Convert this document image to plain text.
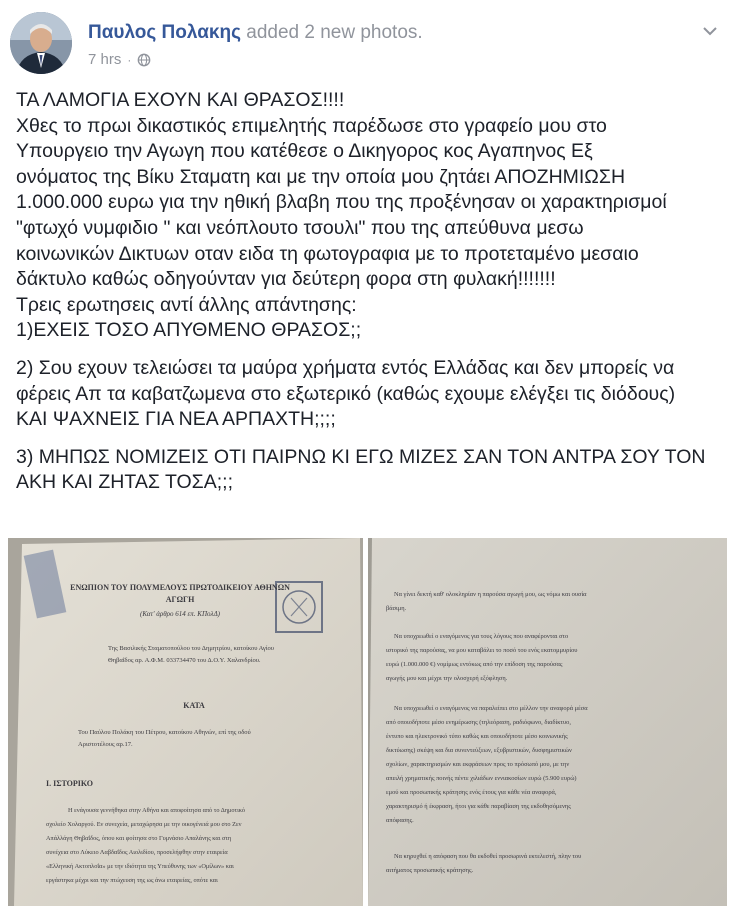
Παυλος Πολακης added 2 new photos.
7 hrs ·

ΤΑ ΛΑΜΟΓΙΑ ΕΧΟΥΝ ΚΑΙ ΘΡΑΣΟΣ!!!!
Χθες το πρωι δικαστικός επιμελητής παρέδωσε στο γραφείο μου στο
Υπουργειο την Αγωγη που κατέθεσε ο Δικηγορος κος Αγαπηνος Εξ
ονόματος της Βίκυ Σταματη και με την οποία μου ζητάει ΑΠΟΖΗΜΙΩΣΗ
1.000.000 ευρω για την ηθική βλαβη που της προξένησαν οι χαρακτηρισμοί
"φτωχό νυμφιδιο " και νεόπλουτο τσουλι" που της απεύθυνα μεσω
κοινωνικών Δικτυων οταν ειδα τη φωτογραφια με το προτεταμένο μεσαιο
δάκτυλο καθώς οδηγούνταν για δεύτερη φορα στη φυλακή!!!!!!!
Τρεις ερωτησεις αντί άλλης απάντησης:
1)ΕΧΕΙΣ ΤΟΣΟ ΑΠΥΘΜΕΝΟ ΘΡΑΣΟΣ;;

2) Σου εχουν τελειώσει τα μαύρα χρήματα εντός Ελλάδας και δεν μπορείς να
φέρεις Απ τα καβατζωμενα στο εξωτερικό (καθώς εχουμε ελέγξει τις διόδους)
ΚΑΙ ΨΑΧΝΕΙΣ ΓΙΑ ΝΕΑ ΑΡΠΑΧΤΗ;;;;

3) ΜΗΠΩΣ ΝΟΜΙΖΕΙΣ ΟΤΙ ΠΑΙΡΝΩ ΚΙ ΕΓΩ ΜΙΖΕΣ ΣΑΝ ΤΟΝ ΑΝΤΡΑ ΣΟΥ ΤΟΝ
ΑΚΗ ΚΑΙ ΖΗΤΑΣ ΤΟΣΑ;;;

ΕΝΩΠΙΟΝ ΤΟΥ ΠΟΛΥΜΕΛΟΥΣ ΠΡΩΤΟΔΙΚΕΙΟΥ ΑΘΗΝΩΝ
ΑΓΩΓΗ
(Κατ' άρθρο 614 επ. ΚΠολΔ)
Της Βασιλικής Σταματοπούλου του Δημητρίου, κατοίκου Αγίου
Θηβαΐδος αρ. Α.Φ.Μ. 033734470 του Δ.Ο.Υ. Χαλανδρίου.
ΚΑΤΑ
Του Παύλου Πολάκη του Πέτρου, κατοίκου Αθηνών, επί της οδού
Αριστοτέλους αρ.17.
Ι. ΙΣΤΟΡΙΚΟ
Η ενάγουσα γεννήθηκα στην Αθήνα και αποφοίτησα από το Δημοτικό
σχολείο Χολαργού. Εν συνεχεία, μεταχώρησα με την οικογένειά μου στο Ζεν
Απάλλάγη Θηβαΐδος, όπου και φοίτησα στο Γυμνάσιο Απαλάνης και στη
συνέχεια στο Λύκειο Λαβδαΐδος Αιολιδίου, προσελήφθην στην εταιρεία
«Ελληνική Ακτοπλοΐα» με την ιδιότητα της Υπεύθυνης των «Ομίλων» και
εργάστηκα μέχρι και την πτώχευση της ως άνω εταιρείας, οπότε και
Να γίνει δεκτή καθ' ολοκληρίαν η παρούσα αγωγή μου, ως νόμω και ουσία
βάσιμη.
Να υποχρεωθεί ο εναγόμενος για τους λόγους που αναφέρονται στο
ιστορικό της παρούσας, να μου καταβάλει το ποσό του ενός εκατομμυρίου
ευρώ (1.000.000 €) νομίμως εντόκως από την επίδοση της παρούσας
αγωγής μου και μέχρι την ολοσχερή εξόφληση.
Να υποχρεωθεί ο εναγόμενος να παραλείπει στο μέλλον την αναφορά μέσα
από οποιοδήποτε μέσο ενημέρωσης (τηλεόραση, ραδιόφωνο, διαδίκτυο,
έντυπο και ηλεκτρονικό τύπο καθώς και οποιοδήποτε μέσο κοινωνικής
δικτύωσης) σκέψη και δια συνεντεύξεων, εξυβριστικών, δυσφημιστικών
σχολίων, χαρακτηρισμών και εκφράσεων προς το πρόσωπό μου, με την
απειλή χρηματικής ποινής πέντε χιλιάδων εννιακοσίων ευρώ (5.900 ευρώ)
εμού και προσωπικής κράτησης ενός έτους για κάθε νέα αναφορά,
χαρακτηρισμό ή έκφραση, ήτοι για κάθε παραβίαση της εκδοθησόμενης
απόφασης.
Να κηρυχθεί η απόφαση που θα εκδοθεί προσωρινά εκτελεστή, πλην του
αιτήματος προσωπικής κράτησης.
